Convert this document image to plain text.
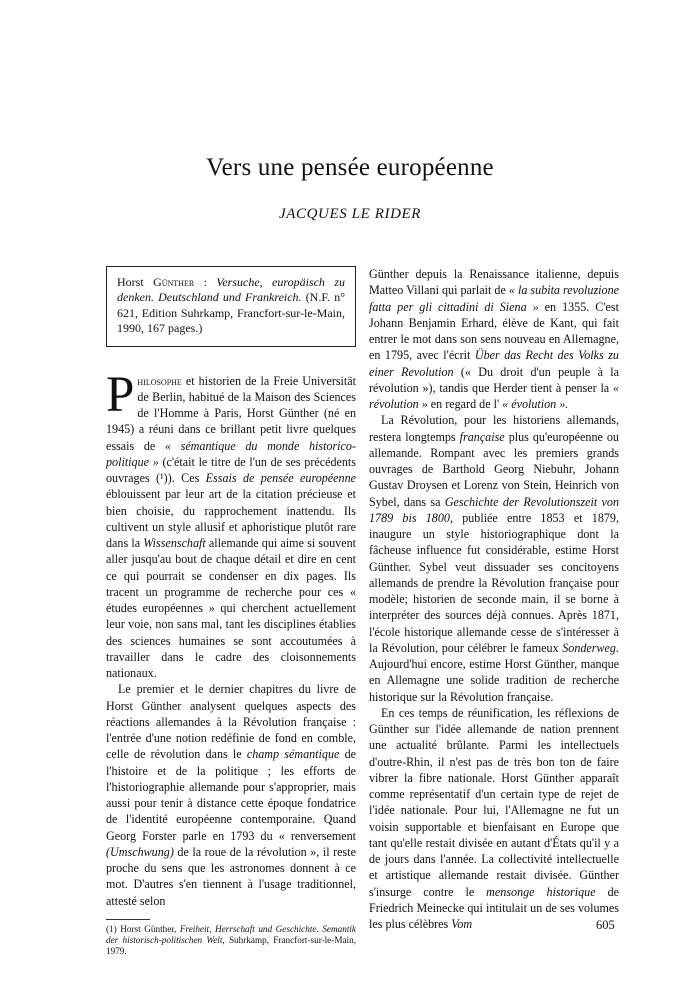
Vers une pensée européenne
JACQUES LE RIDER

Horst Günther : Versuche, europäisch zu denken. Deutschland und Frankreich. (N.F. n° 621, Edition Suhrkamp, Francfort-sur-le-Main, 1990, 167 pages.)

Philosophe et historien de la Freie Universität de Berlin, habitué de la Maison des Sciences de l'Homme à Paris, Horst Günther (né en 1945) a réuni dans ce brillant petit livre quelques essais de « sémantique du monde historico-politique » (c'était le titre de l'un de ses précédents ouvrages (¹)). Ces Essais de pensée européenne éblouissent par leur art de la citation précieuse et bien choisie, du rapprochement inattendu. Ils cultivent un style allusif et aphoristique plutôt rare dans la Wissenschaft allemande qui aime si souvent aller jusqu'au bout de chaque détail et dire en cent ce qui pourrait se condenser en dix pages. Ils tracent un programme de recherche pour ces « études européennes » qui cherchent actuellement leur voie, non sans mal, tant les disciplines établies des sciences humaines se sont accoutumées à travailler dans le cadre des cloisonnements nationaux.

Le premier et le dernier chapitres du livre de Horst Günther analysent quelques aspects des réactions allemandes à la Révolution française : l'entrée d'une notion redéfinie de fond en comble, celle de révolution dans le champ sémantique de l'histoire et de la politique ; les efforts de l'historiographie allemande pour s'approprier, mais aussi pour tenir à distance cette époque fondatrice de l'identité européenne contemporaine. Quand Georg Forster parle en 1793 du « renversement (Umschwung) de la roue de la révolution », il reste proche du sens que les astronomes donnent à ce mot. D'autres s'en tiennent à l'usage traditionnel, attesté selon

(1) Horst Günther, Freiheit, Herrschaft und Geschichte. Semantik der historisch-politischen Welt, Suhrkamp, Francfort-sur-le-Main, 1979.

Günther depuis la Renaissance italienne, depuis Matteo Villani qui parlait de « la subita revoluzione fatta per gli cittadini di Siena » en 1355. C'est Johann Benjamin Erhard, élève de Kant, qui fait entrer le mot dans son sens nouveau en Allemagne, en 1795, avec l'écrit Über das Recht des Volks zu einer Revolution (« Du droit d'un peuple à la révolution »), tandis que Herder tient à penser la « révolution » en regard de l' « évolution ».

La Révolution, pour les historiens allemands, restera longtemps française plus qu'européenne ou allemande. Rompant avec les premiers grands ouvrages de Barthold Georg Niebuhr, Johann Gustav Droysen et Lorenz von Stein, Heinrich von Sybel, dans sa Geschichte der Revolutionszeit von 1789 bis 1800, publiée entre 1853 et 1879, inaugure un style historiographique dont la fâcheuse influence fut considérable, estime Horst Günther. Sybel veut dissuader ses concitoyens allemands de prendre la Révolution française pour modèle; historien de seconde main, il se borne à interpréter des sources déjà connues. Après 1871, l'école historique allemande cesse de s'intéresser à la Révolution, pour célébrer le fameux Sonderweg. Aujourd'hui encore, estime Horst Günther, manque en Allemagne une solide tradition de recherche historique sur la Révolution française.

En ces temps de réunification, les réflexions de Günther sur l'idée allemande de nation prennent une actualité brûlante. Parmi les intellectuels d'outre-Rhin, il n'est pas de très bon ton de faire vibrer la fibre nationale. Horst Günther apparaît comme représentatif d'un certain type de rejet de l'idée nationale. Pour lui, l'Allemagne ne fut un voisin supportable et bienfaisant en Europe que tant qu'elle restait divisée en autant d'États qu'il y a de jours dans l'année. La collectivité intellectuelle et artistique allemande restait divisée. Günther s'insurge contre le mensonge historique de Friedrich Meinecke qui intitulait un de ses volumes les plus célèbres Vom	605
